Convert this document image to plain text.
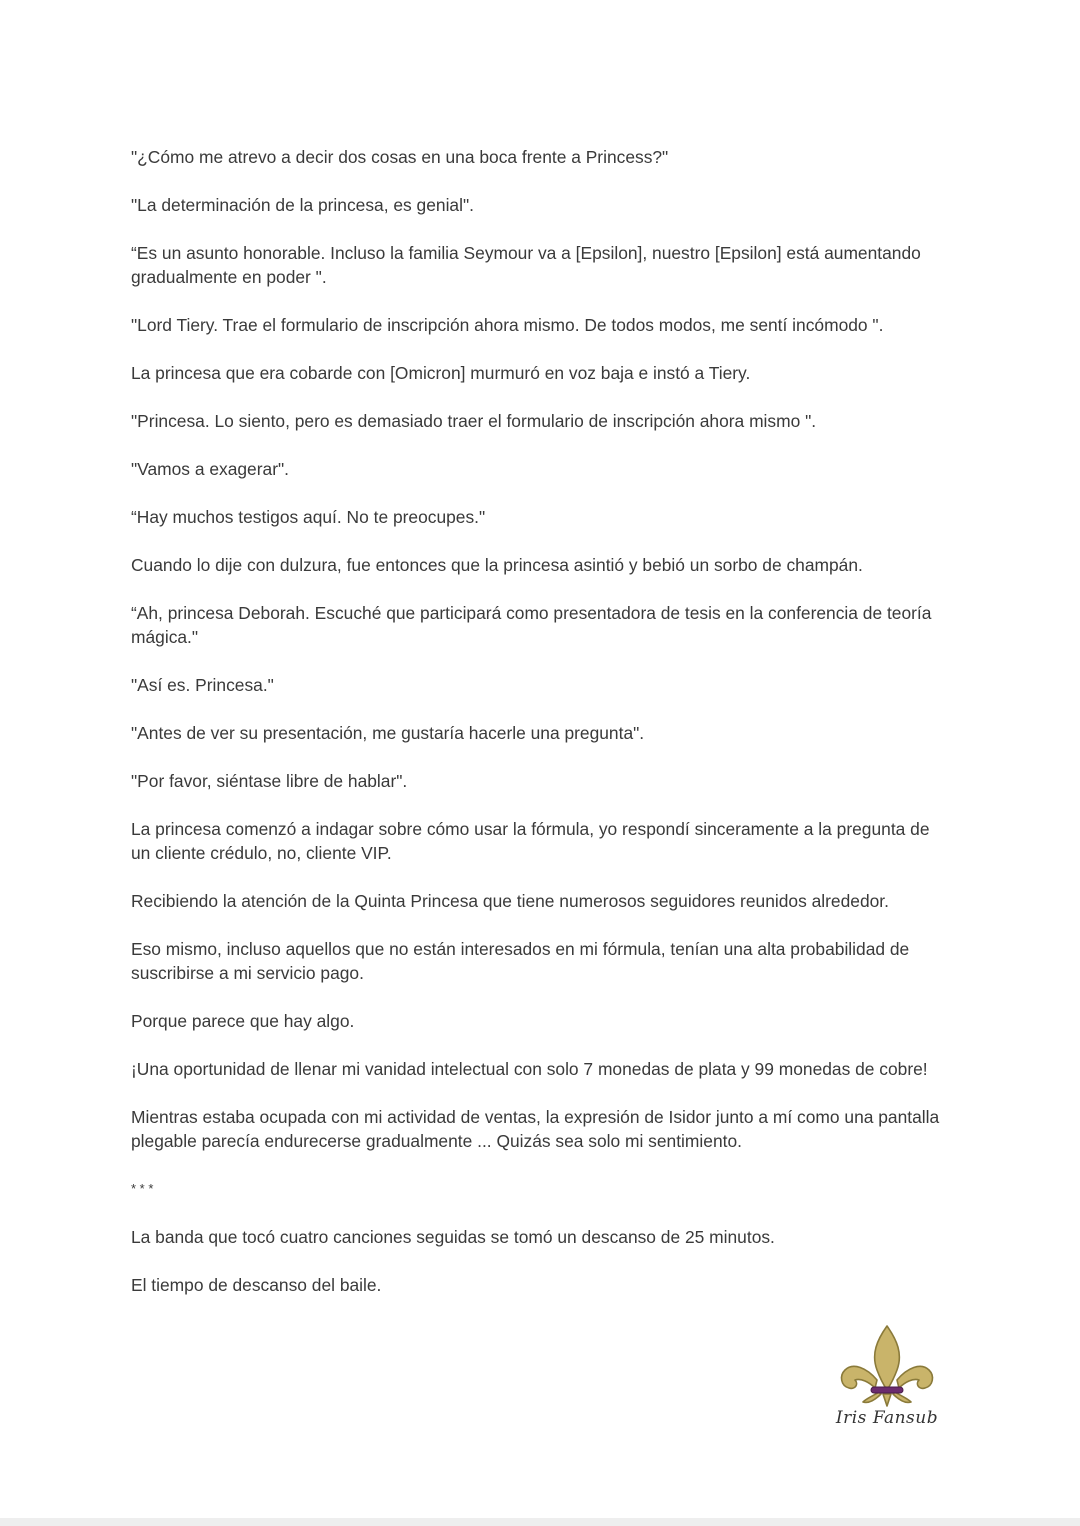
"¿Cómo me atrevo a decir dos cosas en una boca frente a Princess?"

"La determinación de la princesa, es genial".

“Es un asunto honorable. Incluso la familia Seymour va a [Epsilon], nuestro [Epsilon] está aumentando gradualmente en poder ".

"Lord Tiery. Trae el formulario de inscripción ahora mismo. De todos modos, me sentí incómodo ".

La princesa que era cobarde con [Omicron] murmuró en voz baja e instó a Tiery.

"Princesa. Lo siento, pero es demasiado traer el formulario de inscripción ahora mismo ".

"Vamos a exagerar".

“Hay muchos testigos aquí. No te preocupes."

Cuando lo dije con dulzura, fue entonces que la princesa asintió y bebió un sorbo de champán.

“Ah, princesa Deborah. Escuché que participará como presentadora de tesis en la conferencia de teoría mágica."

"Así es. Princesa."

"Antes de ver su presentación, me gustaría hacerle una pregunta".

"Por favor, siéntase libre de hablar".

La princesa comenzó a indagar sobre cómo usar la fórmula, yo respondí sinceramente a la pregunta de un cliente crédulo, no, cliente VIP.

Recibiendo la atención de la Quinta Princesa que tiene numerosos seguidores reunidos alrededor.

Eso mismo, incluso aquellos que no están interesados en mi fórmula, tenían una alta probabilidad de suscribirse a mi servicio pago.

Porque parece que hay algo.

¡Una oportunidad de llenar mi vanidad intelectual con solo 7 monedas de plata y 99 monedas de cobre!

Mientras estaba ocupada con mi actividad de ventas, la expresión de Isidor junto a mí como una pantalla plegable parecía endurecerse gradualmente ... Quizás sea solo mi sentimiento.

* * *

La banda que tocó cuatro canciones seguidas se tomó un descanso de 25 minutos.

El tiempo de descanso del baile.

Iris Fansub
